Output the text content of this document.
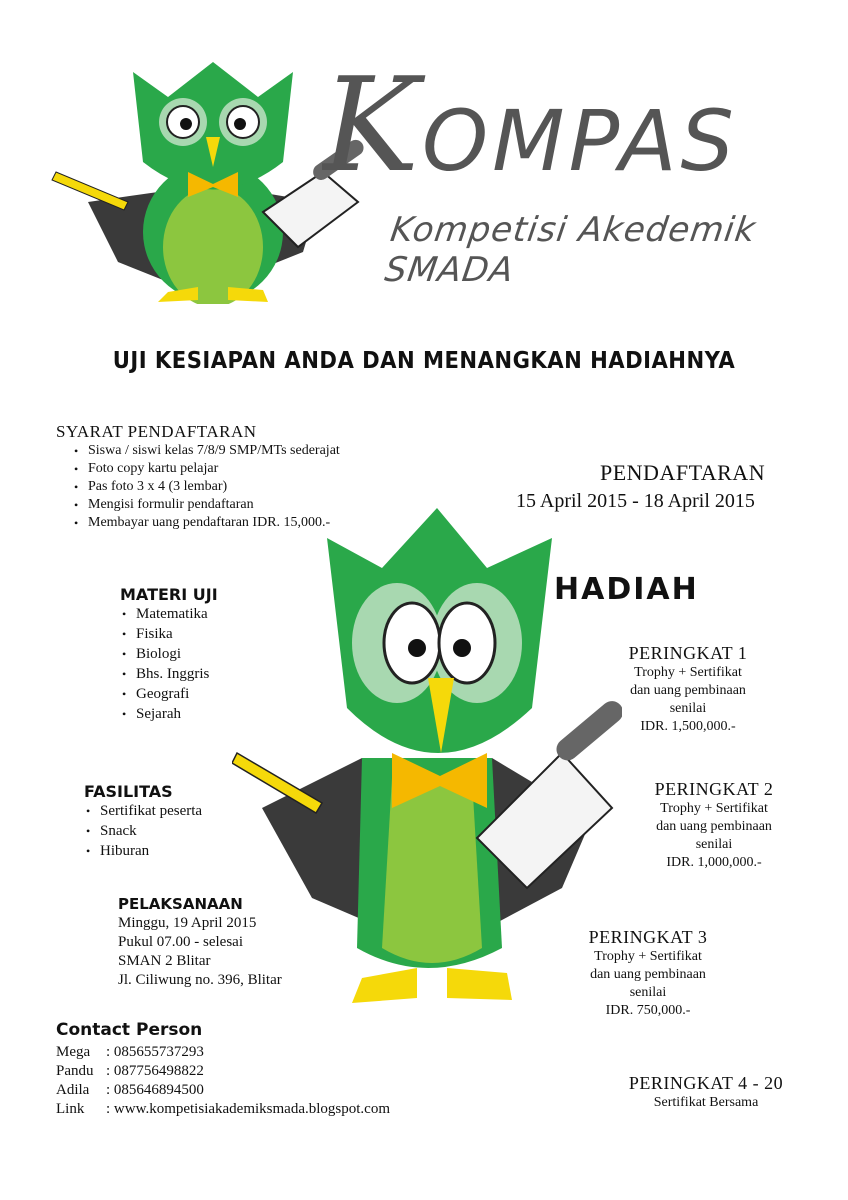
K OMPAS
Kompetisi Akedemik SMADA
UJI KESIAPAN ANDA DAN MENANGKAN HADIAHNYA
SYARAT PENDAFTARAN
• Siswa / siswi kelas 7/8/9 SMP/MTs sederajat
• Foto copy kartu pelajar
• Pas foto 3 x 4 (3 lembar)
• Mengisi formulir pendaftaran
• Membayar uang pendaftaran IDR. 15,000.-
PENDAFTARAN
15 April 2015 - 18 April 2015
MATERI UJI
• Matematika
• Fisika
• Biologi
• Bhs. Inggris
• Geografi
• Sejarah
FASILITAS
• Sertifikat peserta
• Snack
• Hiburan
PELAKSANAAN
Minggu, 19 April 2015
Pukul 07.00 - selesai
SMAN 2 Blitar
Jl. Ciliwung no. 396, Blitar
HADIAH
PERINGKAT 1
Trophy + Sertifikat
dan uang pembinaan
senilai
IDR. 1,500,000.-
PERINGKAT 2
Trophy + Sertifikat
dan uang pembinaan
senilai
IDR. 1,000,000.-
PERINGKAT 3
Trophy + Sertifikat
dan uang pembinaan
senilai
IDR. 750,000.-
PERINGKAT 4 - 20
Sertifikat Bersama
Contact Person
Mega	: 085655737293
Pandu : 087756498822
Adila	: 085646894500
Link	: www.kompetisiakademiksmada.blogspot.com
